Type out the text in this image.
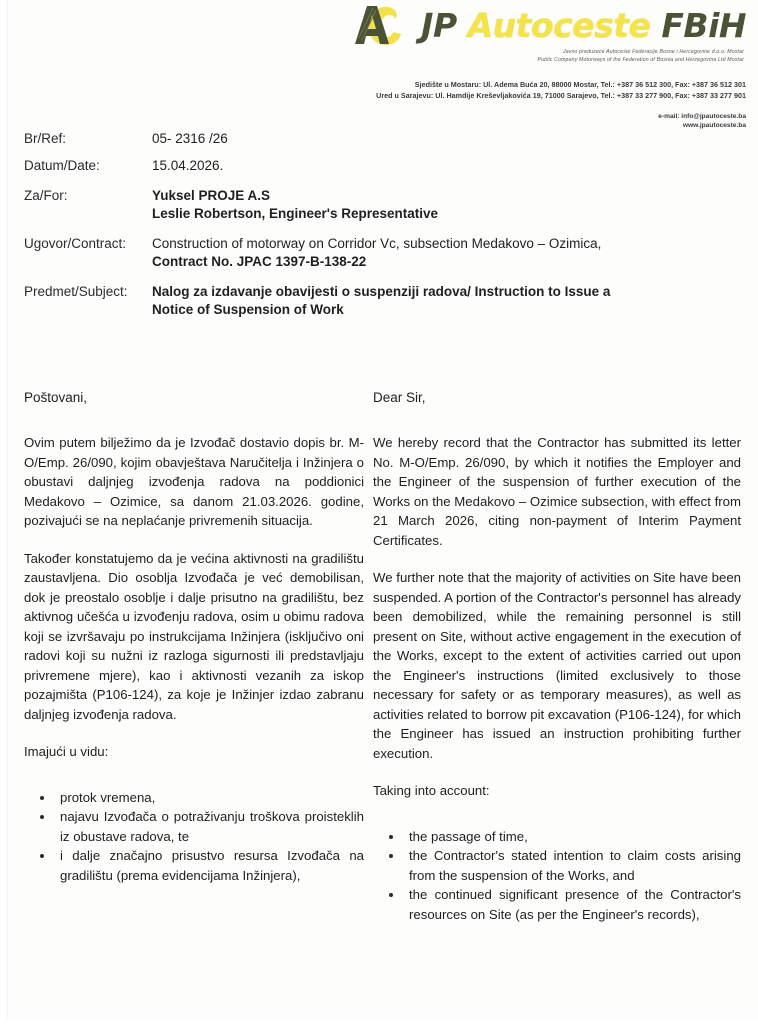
JP Autoceste FBiH
Javno preduzeće Autoceste Federacije Bosne i Hercegovine d.o.o. Mostar
Public Company Motorways of the Federation of Bosnia and Herzegovina Ltd Mostar
Sjedište u Mostaru: Ul. Adema Buća 20, 88000 Mostar, Tel.: +387 36 512 300, Fax: +387 36 512 301
Ured u Sarajevu: Ul. Hamdije Kreševljakovića 19, 71000 Sarajevo, Tel.: +387 33 277 900, Fax: +387 33 277 901
e-mail: info@jpautoceste.ba
www.jpautoceste.ba
Br/Ref:	05- 2316 /26
Datum/Date:	15.04.2026.
Za/For:	Yuksel PROJE A.S
Leslie Robertson, Engineer's Representative
Ugovor/Contract:	Construction of motorway on Corridor Vc, subsection Medakovo – Ozimica,
Contract No. JPAC 1397-B-138-22
Predmet/Subject:	Nalog za izdavanje obavijesti o suspenziji radova/ Instruction to Issue a
Notice of Suspension of Work

Poštovani,

Ovim putem bilježimo da je Izvođač dostavio dopis br. M-O/Emp. 26/090, kojim obavještava Naručitelja i Inžinjera o obustavi daljnjeg izvođenja radova na poddionici Medakovo – Ozimice, sa danom 21.03.2026. godine, pozivajući se na neplaćanje privremenih situacija.

Također konstatujemo da je većina aktivnosti na gradilištu zaustavljena. Dio osoblja Izvođača je već demobilisan, dok je preostalo osoblje i dalje prisutno na gradilištu, bez aktivnog učešća u izvođenju radova, osim u obimu radova koji se izvršavaju po instrukcijama Inžinjera (isključivo oni radovi koji su nužni iz razloga sigurnosti ili predstavljaju privremene mjere), kao i aktivnosti vezanih za iskop pozajmišta (P106-124), za koje je Inžinjer izdao zabranu daljnjeg izvođenja radova.

Imajući u vidu:

protok vremena,
najavu Izvođača o potraživanju troškova proisteklih iz obustave radova, te
i dalje značajno prisustvo resursa Izvođača na gradilištu (prema evidencijama Inžinjera),

Dear Sir,

We hereby record that the Contractor has submitted its letter No. M-O/Emp. 26/090, by which it notifies the Employer and the Engineer of the suspension of further execution of the Works on the Medakovo – Ozimice subsection, with effect from 21 March 2026, citing non-payment of Interim Payment Certificates.

We further note that the majority of activities on Site have been suspended. A portion of the Contractor's personnel has already been demobilized, while the remaining personnel is still present on Site, without active engagement in the execution of the Works, except to the extent of activities carried out upon the Engineer's instructions (limited exclusively to those necessary for safety or as temporary measures), as well as activities related to borrow pit excavation (P106-124), for which the Engineer has issued an instruction prohibiting further execution.

Taking into account:

the passage of time,
the Contractor's stated intention to claim costs arising from the suspension of the Works, and
the continued significant presence of the Contractor's resources on Site (as per the Engineer's records),
